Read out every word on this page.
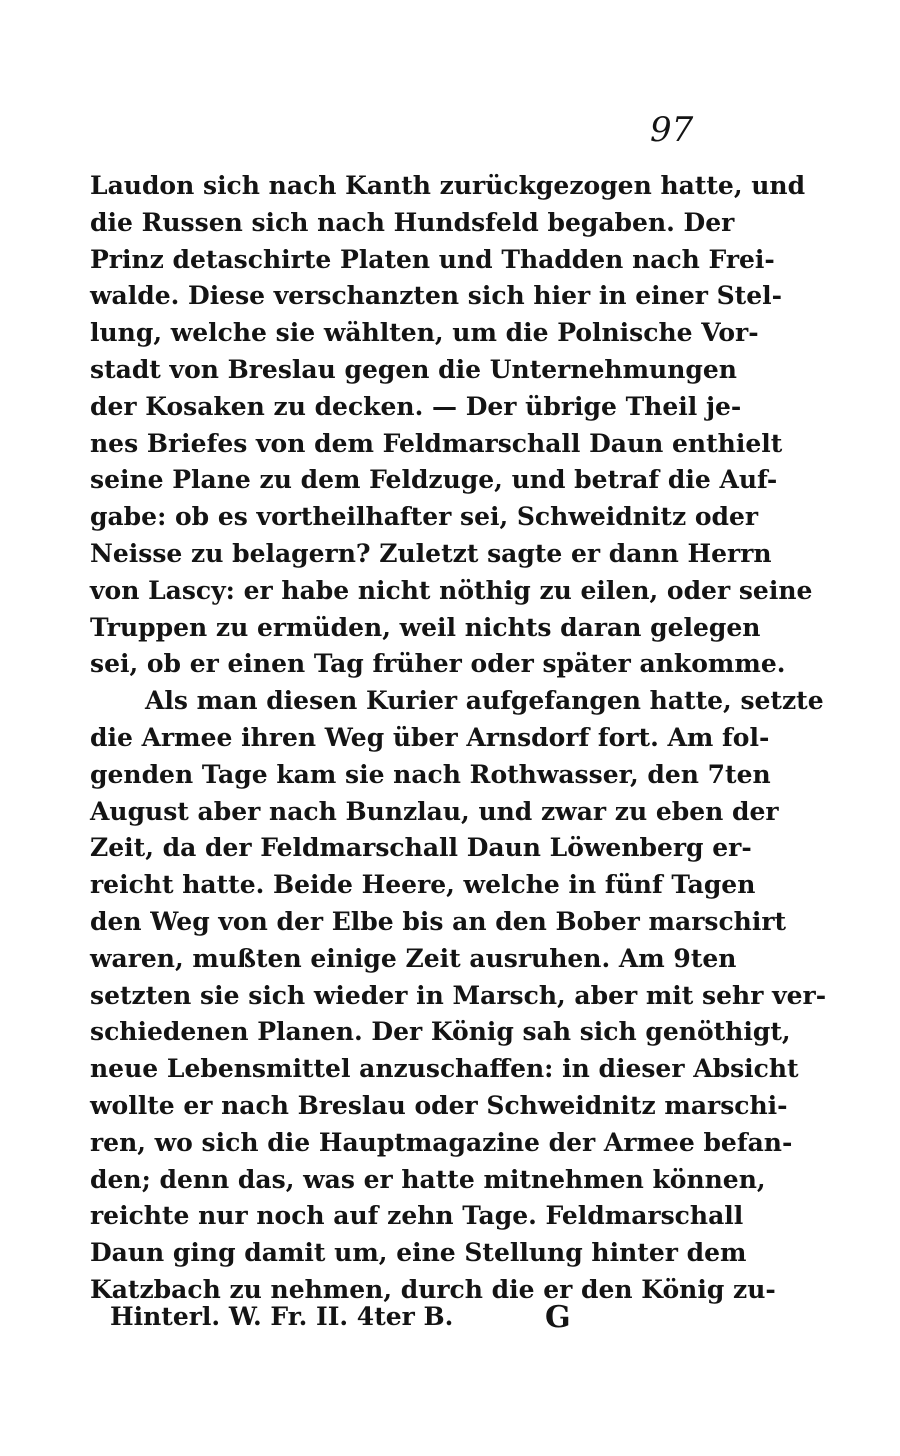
97
Laudon sich nach Kanth zurückgezogen hatte, und
die Russen sich nach Hundsfeld begaben. Der
Prinz detaschirte Platen und Thadden nach Frei-
walde. Diese verschanzten sich hier in einer Stel-
lung, welche sie wählten, um die Polnische Vor-
stadt von Breslau gegen die Unternehmungen
der Kosaken zu decken. — Der übrige Theil je-
nes Briefes von dem Feldmarschall Daun enthielt
seine Plane zu dem Feldzuge, und betraf die Auf-
gabe: ob es vortheilhafter sei, Schweidnitz oder
Neisse zu belagern? Zuletzt sagte er dann Herrn
von Lascy: er habe nicht nöthig zu eilen, oder seine
Truppen zu ermüden, weil nichts daran gelegen
sei, ob er einen Tag früher oder später ankomme.
Als man diesen Kurier aufgefangen hatte, setzte
die Armee ihren Weg über Arnsdorf fort. Am fol-
genden Tage kam sie nach Rothwasser, den 7ten
August aber nach Bunzlau, und zwar zu eben der
Zeit, da der Feldmarschall Daun Löwenberg er-
reicht hatte. Beide Heere, welche in fünf Tagen
den Weg von der Elbe bis an den Bober marschirt
waren, mußten einige Zeit ausruhen. Am 9ten
setzten sie sich wieder in Marsch, aber mit sehr ver-
schiedenen Planen. Der König sah sich genöthigt,
neue Lebensmittel anzuschaffen: in dieser Absicht
wollte er nach Breslau oder Schweidnitz marschi-
ren, wo sich die Hauptmagazine der Armee befan-
den; denn das, was er hatte mitnehmen können,
reichte nur noch auf zehn Tage. Feldmarschall
Daun ging damit um, eine Stellung hinter dem
Katzbach zu nehmen, durch die er den König zu-
Hinterl. W. Fr. II. 4ter B.	G
